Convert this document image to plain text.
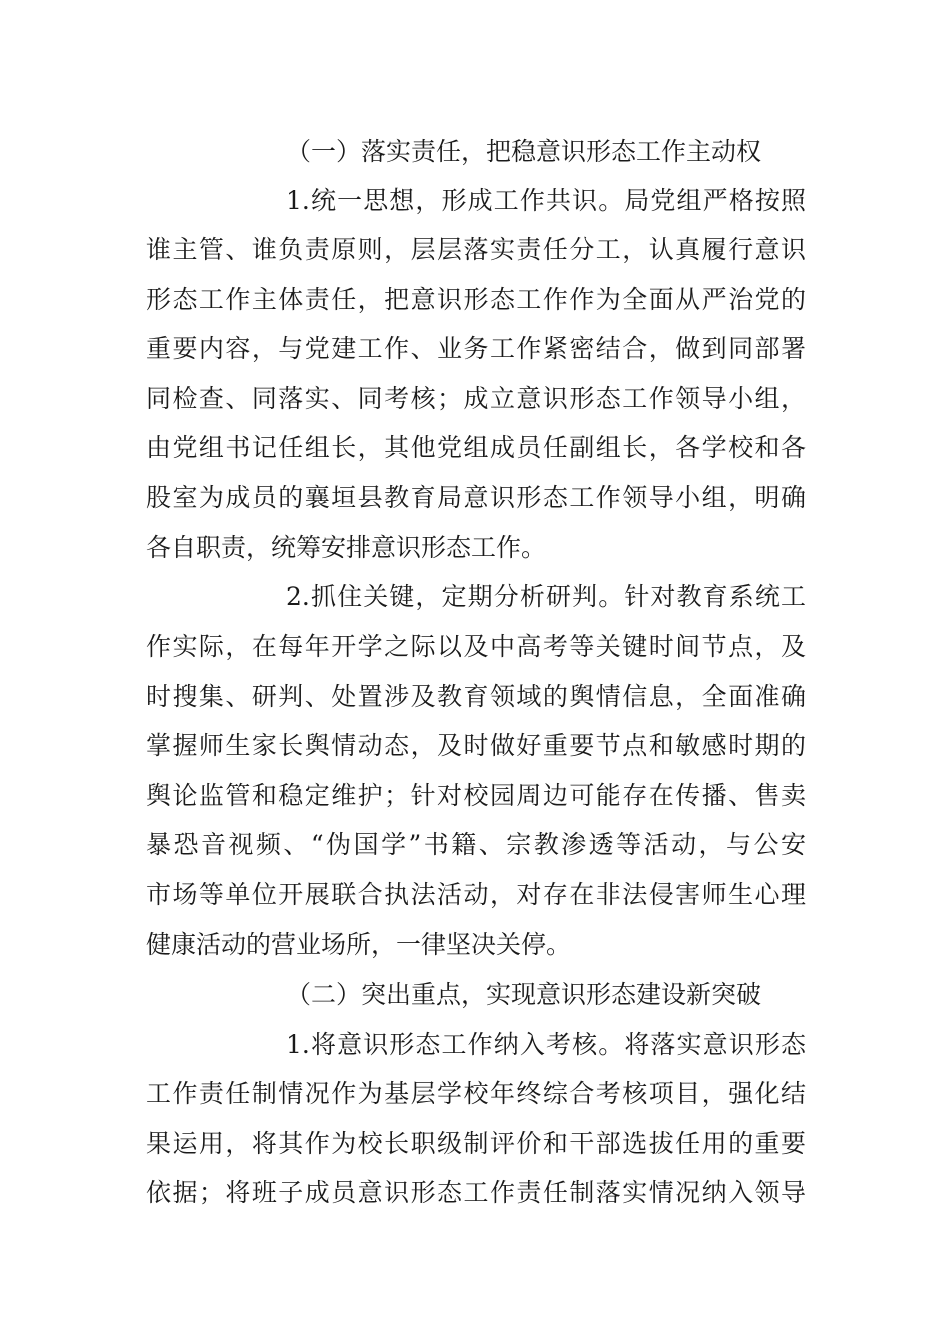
（一）落实责任，把稳意识形态工作主动权
1.统一思想，形成工作共识。局党组严格按照
谁主管、谁负责原则，层层落实责任分工，认真履行意识
形态工作主体责任，把意识形态工作作为全面从严治党的
重要内容，与党建工作、业务工作紧密结合，做到同部署
同检查、同落实、同考核；成立意识形态工作领导小组，
由党组书记任组长，其他党组成员任副组长，各学校和各
股室为成员的襄垣县教育局意识形态工作领导小组，明确
各自职责，统筹安排意识形态工作。
2.抓住关键，定期分析研判。针对教育系统工
作实际，在每年开学之际以及中高考等关键时间节点，及
时搜集、研判、处置涉及教育领域的舆情信息，全面准确
掌握师生家长舆情动态，及时做好重要节点和敏感时期的
舆论监管和稳定维护；针对校园周边可能存在传播、售卖
暴恐音视频、“伪国学”书籍、宗教渗透等活动，与公安
市场等单位开展联合执法活动，对存在非法侵害师生心理
健康活动的营业场所，一律坚决关停。
（二）突出重点，实现意识形态建设新突破
1.将意识形态工作纳入考核。将落实意识形态
工作责任制情况作为基层学校年终综合考核项目，强化结
果运用，将其作为校长职级制评价和干部选拔任用的重要
依据；将班子成员意识形态工作责任制落实情况纳入领导
